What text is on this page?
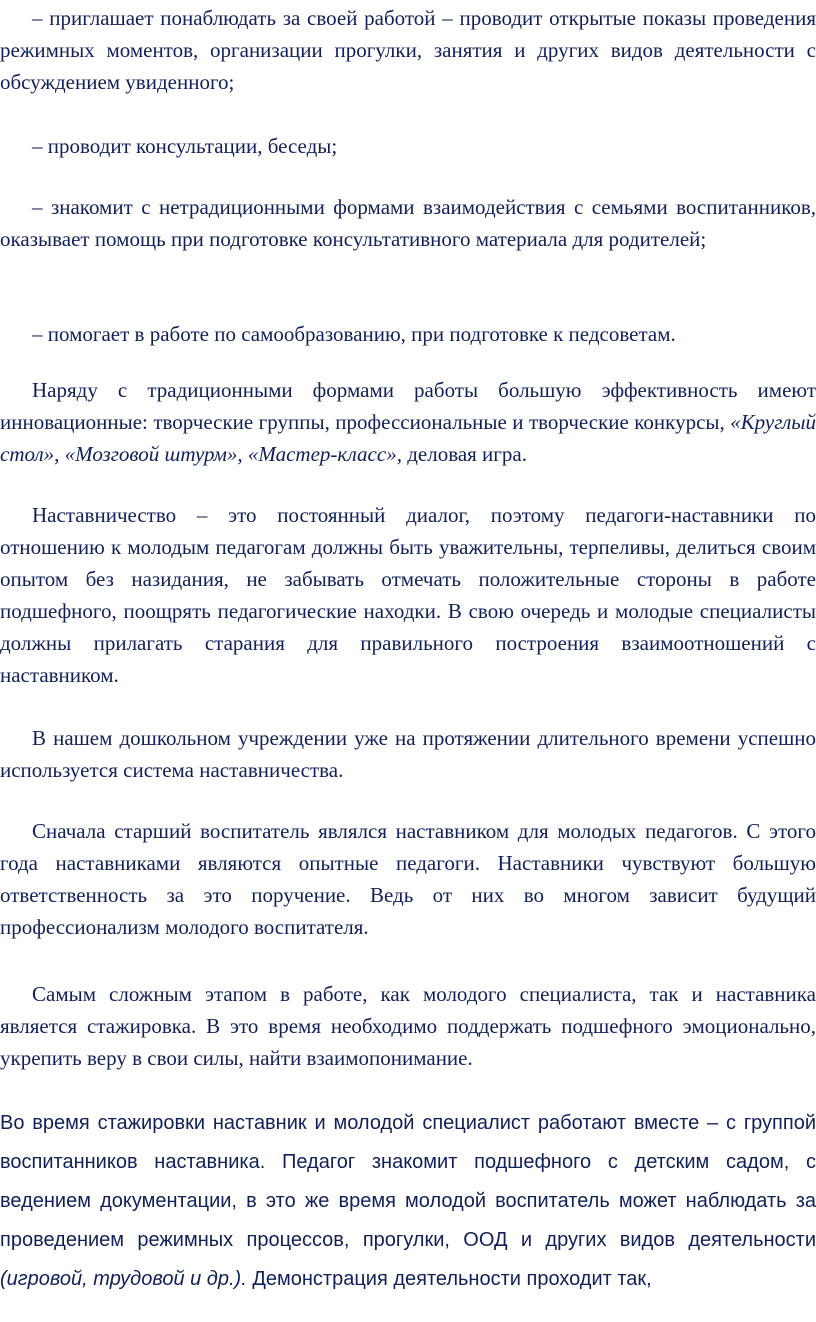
– приглашает понаблюдать за своей работой – проводит открытые показы проведения режимных моментов, организации прогулки, занятия и других видов деятельности с обсуждением увиденного;

– проводит консультации, беседы;

– знакомит с нетрадиционными формами взаимодействия с семьями воспитанников, оказывает помощь при подготовке консультативного материала для родителей;

– помогает в работе по самообразованию, при подготовке к педсоветам.

Наряду с традиционными формами работы большую эффективность имеют инновационные: творческие группы, профессиональные и творческие конкурсы, «Круглый стол», «Мозговой штурм», «Мастер-класс», деловая игра.

Наставничество – это постоянный диалог, поэтому педагоги-наставники по отношению к молодым педагогам должны быть уважительны, терпеливы, делиться своим опытом без назидания, не забывать отмечать положительные стороны в работе подшефного, поощрять педагогические находки. В свою очередь и молодые специалисты должны прилагать старания для правильного построения взаимоотношений с наставником.

В нашем дошкольном учреждении уже на протяжении длительного времени успешно используется система наставничества.

Сначала старший воспитатель являлся наставником для молодых педагогов. С этого года наставниками являются опытные педагоги. Наставники чувствуют большую ответственность за это поручение. Ведь от них во многом зависит будущий профессионализм молодого воспитателя.

Самым сложным этапом в работе, как молодого специалиста, так и наставника является стажировка. В это время необходимо поддержать подшефного эмоционально, укрепить веру в свои силы, найти взаимопонимание.

Во время стажировки наставник и молодой специалист работают вместе – с группой воспитанников наставника. Педагог знакомит подшефного с детским садом, с ведением документации, в это же время молодой воспитатель может наблюдать за проведением режимных процессов, прогулки, ООД и других видов деятельности (игровой, трудовой и др.). Демонстрация деятельности проходит так,
